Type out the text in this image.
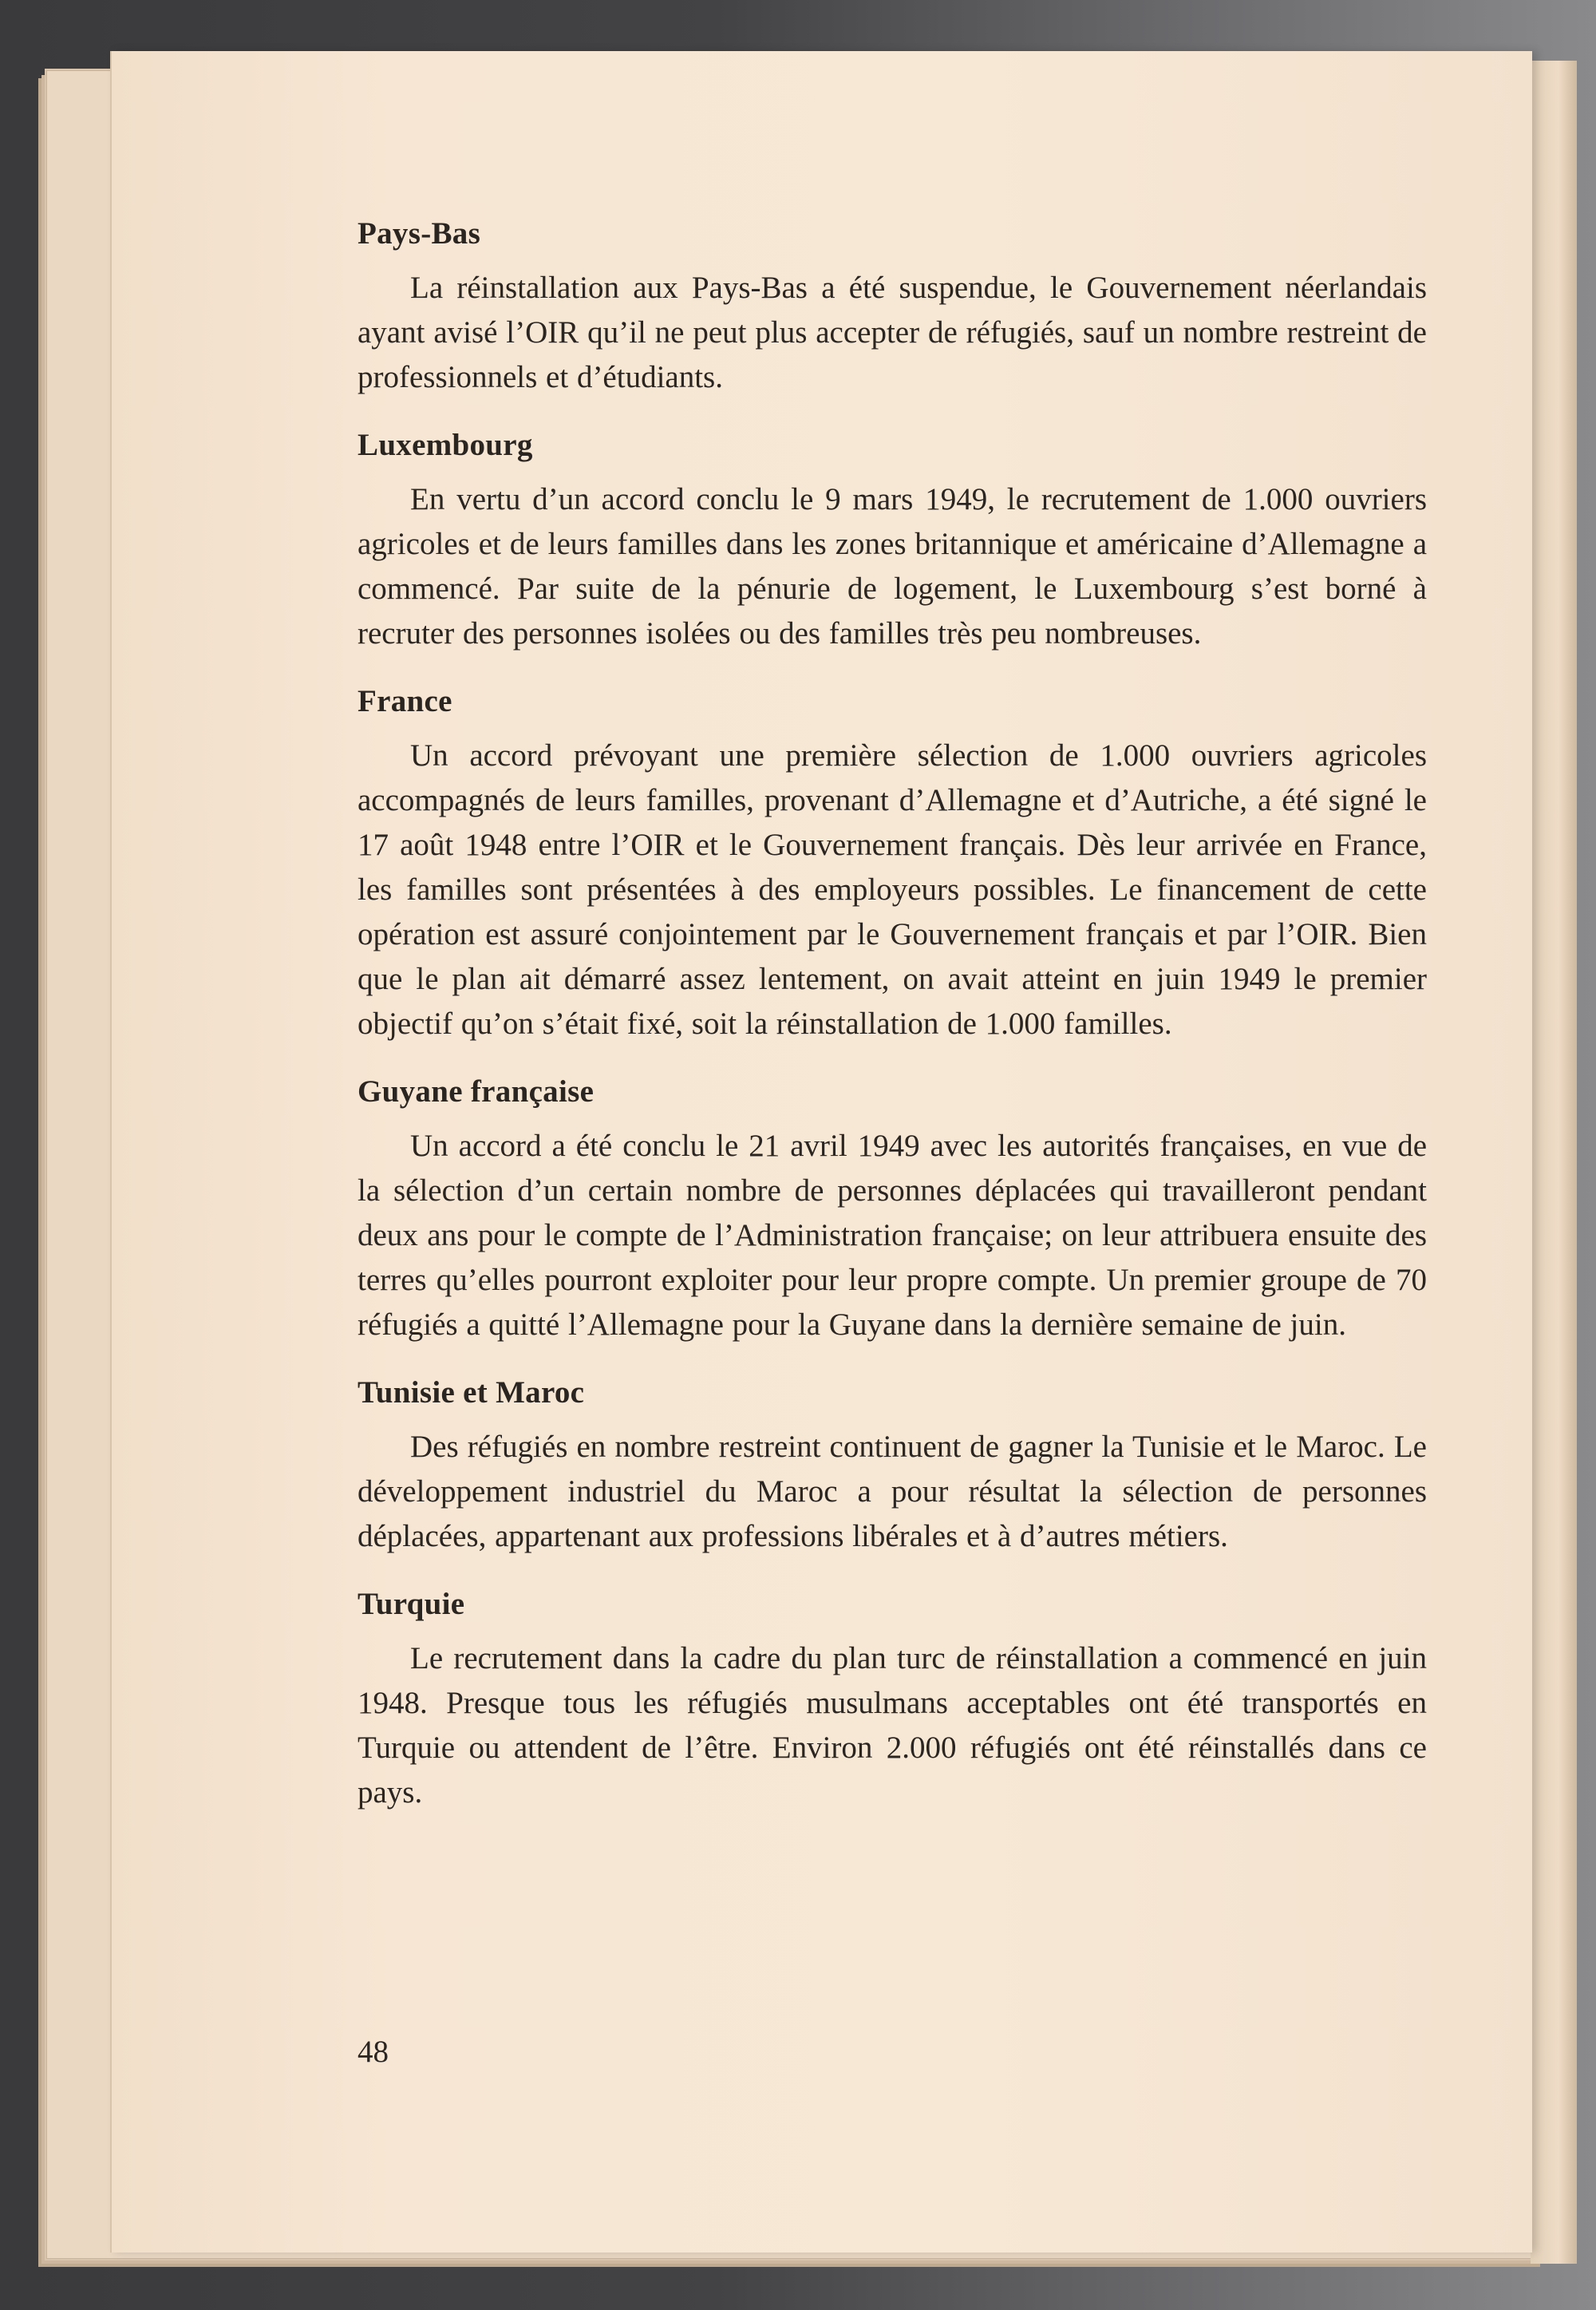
Pays-Bas

La réinstallation aux Pays-Bas a été suspendue, le Gouvernement néerlandais ayant avisé l’OIR qu’il ne peut plus accepter de réfugiés, sauf un nombre restreint de professionnels et d’étudiants.

Luxembourg

En vertu d’un accord conclu le 9 mars 1949, le recrutement de 1.000 ouvriers agricoles et de leurs familles dans les zones britannique et américaine d’Allemagne a commencé. Par suite de la pénurie de logement, le Luxembourg s’est borné à recruter des personnes isolées ou des familles très peu nombreuses.

France

Un accord prévoyant une première sélection de 1.000 ouvriers agricoles accompagnés de leurs familles, provenant d’Allemagne et d’Autriche, a été signé le 17 août 1948 entre l’OIR et le Gouvernement français. Dès leur arrivée en France, les familles sont présentées à des employeurs possibles. Le financement de cette opération est assuré conjointement par le Gouvernement français et par l’OIR. Bien que le plan ait démarré assez lentement, on avait atteint en juin 1949 le premier objectif qu’on s’était fixé, soit la réinstallation de 1.000 familles.

Guyane française

Un accord a été conclu le 21 avril 1949 avec les autorités françaises, en vue de la sélection d’un certain nombre de personnes déplacées qui travailleront pendant deux ans pour le compte de l’Administration française; on leur attribuera ensuite des terres qu’elles pourront exploiter pour leur propre compte. Un premier groupe de 70 réfugiés a quitté l’Allemagne pour la Guyane dans la dernière semaine de juin.

Tunisie et Maroc

Des réfugiés en nombre restreint continuent de gagner la Tunisie et le Maroc. Le développement industriel du Maroc a pour résultat la sélection de personnes déplacées, appartenant aux professions libérales et à d’autres métiers.

Turquie

Le recrutement dans la cadre du plan turc de réinstallation a commencé en juin 1948. Presque tous les réfugiés musulmans acceptables ont été transportés en Turquie ou attendent de l’être. Environ 2.000 réfugiés ont été réinstallés dans ce pays.

48
